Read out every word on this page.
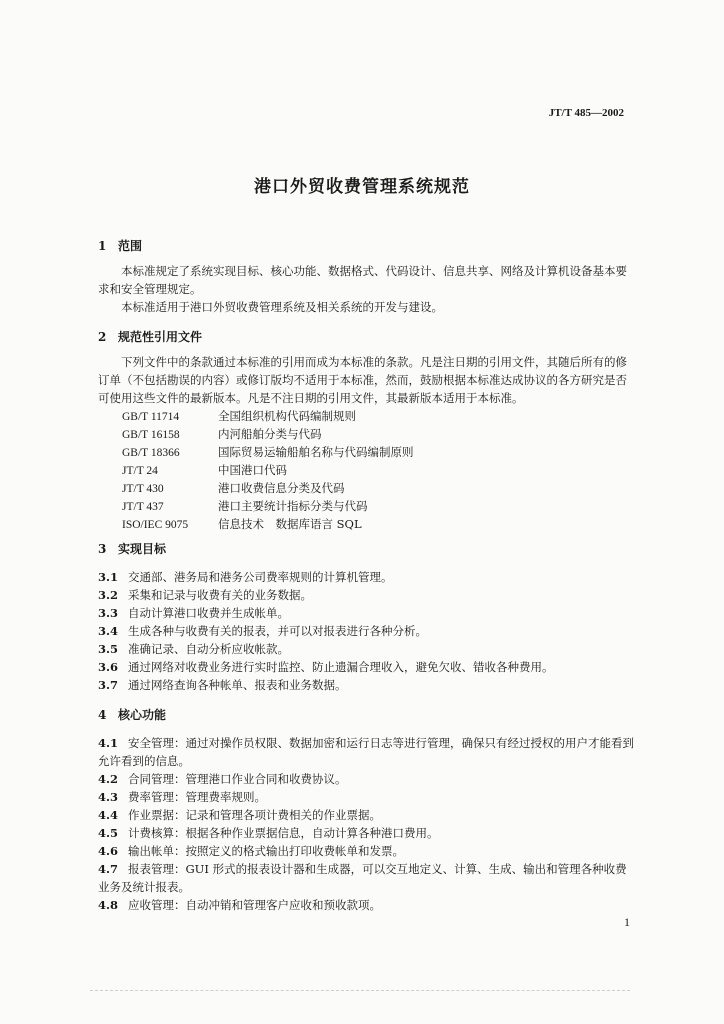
JT/T 485—2002
港口外贸收费管理系统规范
1 范围
本标准规定了系统实现目标、核心功能、数据格式、代码设计、信息共享、网络及计算机设备基本要求和安全管理规定。
本标准适用于港口外贸收费管理系统及相关系统的开发与建设。
2 规范性引用文件
下列文件中的条款通过本标准的引用而成为本标准的条款。凡是注日期的引用文件，其随后所有的修订单（不包括勘误的内容）或修订版均不适用于本标准，然而，鼓励根据本标准达成协议的各方研究是否可使用这些文件的最新版本。凡是不注日期的引用文件，其最新版本适用于本标准。
GB/T 11714	全国组织机构代码编制规则
GB/T 16158	内河船舶分类与代码
GB/T 18366	国际贸易运输船舶名称与代码编制原则
JT/T 24	中国港口代码
JT/T 430	港口收费信息分类及代码
JT/T 437	港口主要统计指标分类与代码
ISO/IEC 9075	信息技术　数据库语言 SQL
3 实现目标
3.1 交通部、港务局和港务公司费率规则的计算机管理。
3.2 采集和记录与收费有关的业务数据。
3.3 自动计算港口收费并生成帐单。
3.4 生成各种与收费有关的报表，并可以对报表进行各种分析。
3.5 准确记录、自动分析应收帐款。
3.6 通过网络对收费业务进行实时监控、防止遗漏合理收入，避免欠收、错收各种费用。
3.7 通过网络查询各种帐单、报表和业务数据。
4 核心功能
4.1 安全管理：通过对操作员权限、数据加密和运行日志等进行管理，确保只有经过授权的用户才能看到允许看到的信息。
4.2 合同管理：管理港口作业合同和收费协议。
4.3 费率管理：管理费率规则。
4.4 作业票据：记录和管理各项计费相关的作业票据。
4.5 计费核算：根据各种作业票据信息，自动计算各种港口费用。
4.6 输出帐单：按照定义的格式输出打印收费帐单和发票。
4.7 报表管理：GUI 形式的报表设计器和生成器，可以交互地定义、计算、生成、输出和管理各种收费业务及统计报表。
4.8 应收管理：自动冲销和管理客户应收和预收款项。
1
